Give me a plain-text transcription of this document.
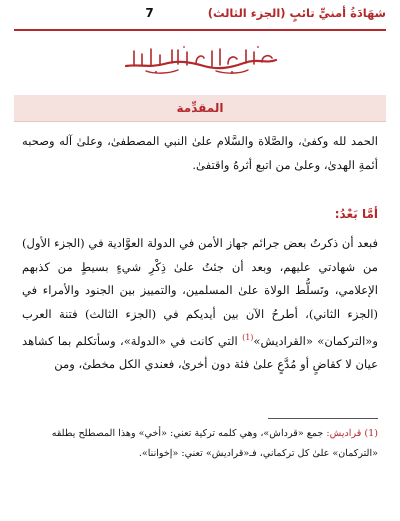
شهَادَةُ أمنيٍّ تائبٍ (الجزء الثالث)
7
المقدِّمة
الحمد لله وكفىٰ، والصَّلاة والسَّلام علىٰ النبي المصطفىٰ، وعلىٰ آله وصحبه أئمةِ الهدىٰ، وعلىٰ من اتبع أثرهُ واقتفىٰ.
أمَّا بَعْدُ:
فبعد أن ذكرتُ بعض جرائم جهاز الأمن في الدولة العوَّادية في (الجزء الأول) من شهادتي عليهم، وبعد أن جئتُ علىٰ ذِكْرِ شيءٍ بسيطٍ من كذبهم الإعلامي، وتَسلُّط الولاة علىٰ المسلمين، والتمييز بين الجنود والأمراء في (الجزء الثاني)، أطرحُ الآن بين أيديكم في (الجزء الثالث) فتنة العرب و«التركمان» «القراديش»$^{(1)}$ التي كانت في «الدولة»، وسأتكلم بما كشاهد عيان لا كقاضٍ أو مُدَّعٍ علىٰ فئة دون أخرىٰ، فعندي الكل مخطئ، ومن
(1) قراديش: جمع «قرداش»، وهي كلمه تركية تعني: «أخي» وهذا المصطلح يطلقه «التركمان» علىٰ كل تركماني، فـ«قراديش» تعني: «إخواننا».
